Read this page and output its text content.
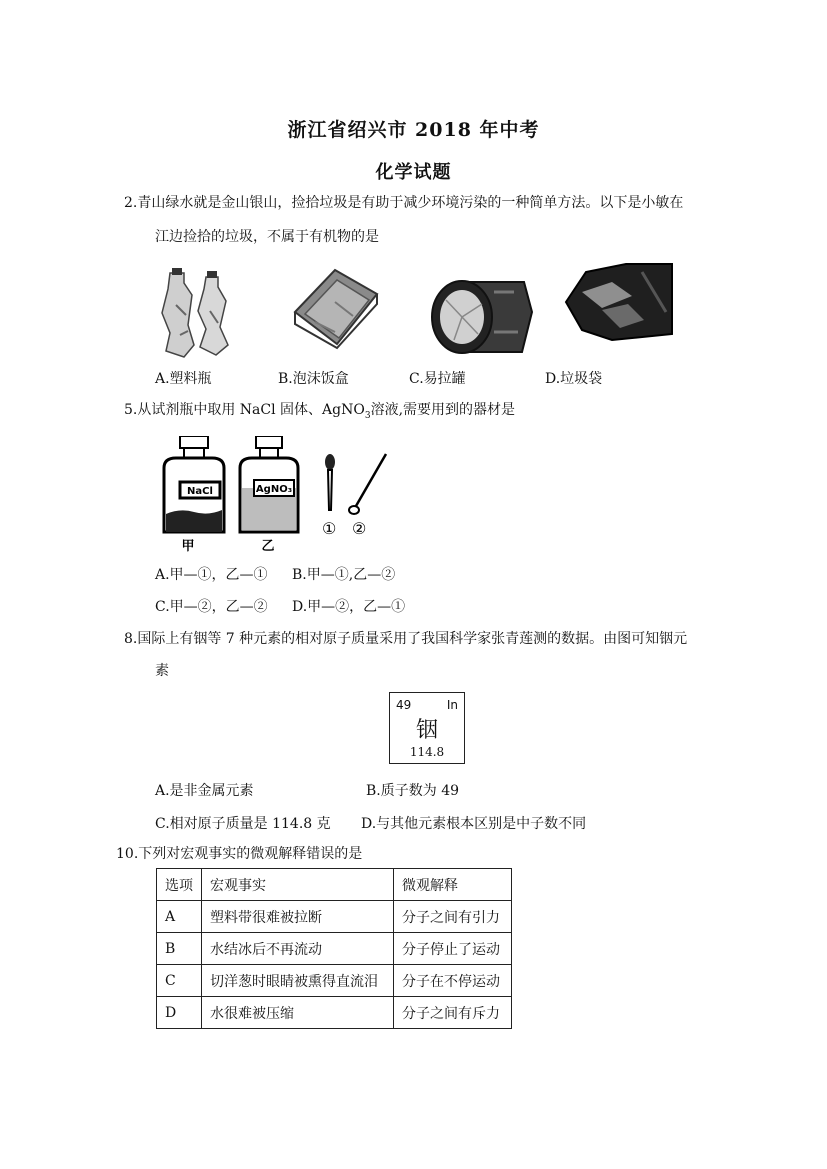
浙江省绍兴市 2018 年中考
化学试题
2.青山绿水就是金山银山，捡拾垃圾是有助于减少环境污染的一种简单方法。以下是小敏在
江边捡拾的垃圾，不属于有机物的是
A.塑料瓶	B.泡沫饭盒	C.易拉罐	D.垃圾袋
5.从试剂瓶中取用 NaCl 固体、AgNO$_3$溶液,需要用到的器材是
NaCl
甲
AgNO₃
乙
① ②
A.甲—①，乙—① B.甲—①,乙—②
C.甲—②，乙—② D.甲—②，乙—①
8.国际上有铟等 7 种元素的相对原子质量采用了我国科学家张青莲测的数据。由图可知铟元
素
49	In
铟
114.8
A.是非金属元素	B.质子数为 49
C.相对原子质量是 114.8 克 D.与其他元素根本区别是中子数不同
10.下列对宏观事实的微观解释错误的是
选项	宏观事实	微观解释
A	塑料带很难被拉断	分子之间有引力
B	水结冰后不再流动	分子停止了运动
C	切洋葱时眼睛被熏得直流泪	分子在不停运动
D	水很难被压缩	分子之间有斥力
